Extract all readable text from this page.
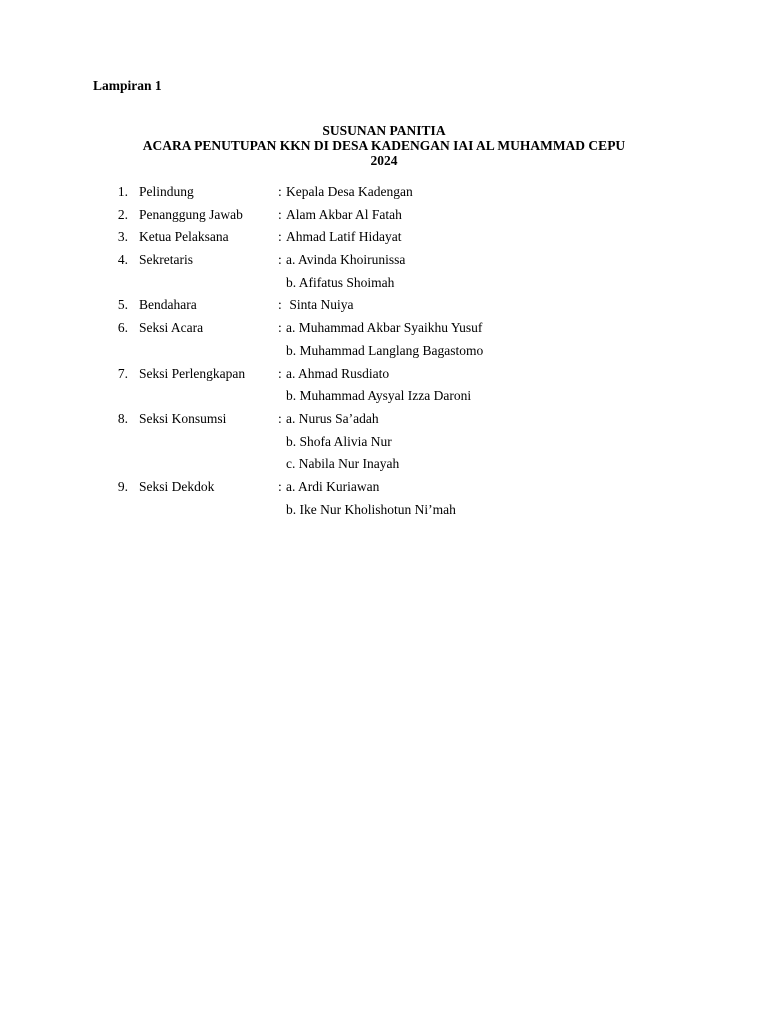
Lampiran 1

SUSUNAN PANITIA
ACARA PENUTUPAN KKN DI DESA KADENGAN IAI AL MUHAMMAD CEPU
2024
1. Pelindung	: Kepala Desa Kadengan
2. Penanggung Jawab	: Alam Akbar Al Fatah
3. Ketua Pelaksana	: Ahmad Latif Hidayat
4. Sekretaris	: a. Avinda Khoirunissa
b. Afifatus Shoimah
5. Bendahara	: Sinta Nuiya
6. Seksi Acara	: a. Muhammad Akbar Syaikhu Yusuf
b. Muhammad Langlang Bagastomo
7. Seksi Perlengkapan : a. Ahmad Rusdiato
b. Muhammad Aysyal Izza Daroni
8. Seksi Konsumsi	: a. Nurus Sa’adah
b. Shofa Alivia Nur
c. Nabila Nur Inayah
9. Seksi Dekdok	: a. Ardi Kuriawan
b. Ike Nur Kholishotun Ni’mah
